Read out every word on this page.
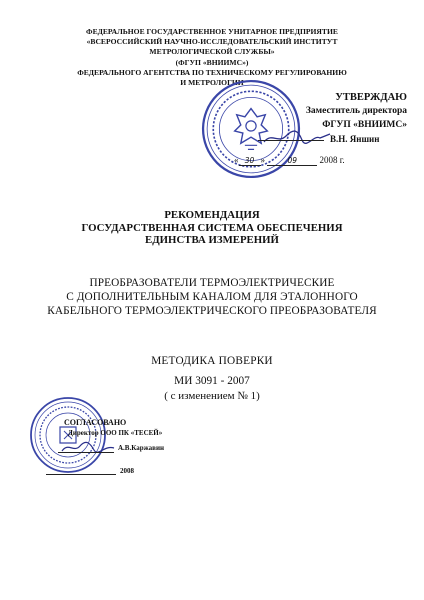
ФЕДЕРАЛЬНОЕ ГОСУДАРСТВЕННОЕ УНИТАРНОЕ ПРЕДПРИЯТИЕ
«ВСЕРОССИЙСКИЙ НАУЧНО-ИССЛЕДОВАТЕЛЬСКИЙ ИНСТИТУТ
МЕТРОЛОГИЧЕСКОЙ СЛУЖБЫ»
(ФГУП «ВНИИМС»)
ФЕДЕРАЛЬНОГО АГЕНТСТВА ПО ТЕХНИЧЕСКОМУ РЕГУЛИРОВАНИЮ
И МЕТРОЛОГИИ
УТВЕРЖДАЮ
Заместитель директора
ФГУП «ВНИИМС»
В.Н. Яншин
« 30 »	09 2008 г.
РЕКОМЕНДАЦИЯ
ГОСУДАРСТВЕННАЯ СИСТЕМА ОБЕСПЕЧЕНИЯ
ЕДИНСТВА ИЗМЕРЕНИЙ
ПРЕОБРАЗОВАТЕЛИ ТЕРМОЭЛЕКТРИЧЕСКИЕ
С ДОПОЛНИТЕЛЬНЫМ КАНАЛОМ ДЛЯ ЭТАЛОННОГО
КАБЕЛЬНОГО ТЕРМОЭЛЕКТРИЧЕСКОГО ПРЕОБРАЗОВАТЕЛЯ
МЕТОДИКА ПОВЕРКИ
МИ 3091 - 2007
( с изменением № 1)
СОГЛАСОВАНО
Директор ООО ПК «ТЕСЕЙ»
А.В.Каржавин
2008
